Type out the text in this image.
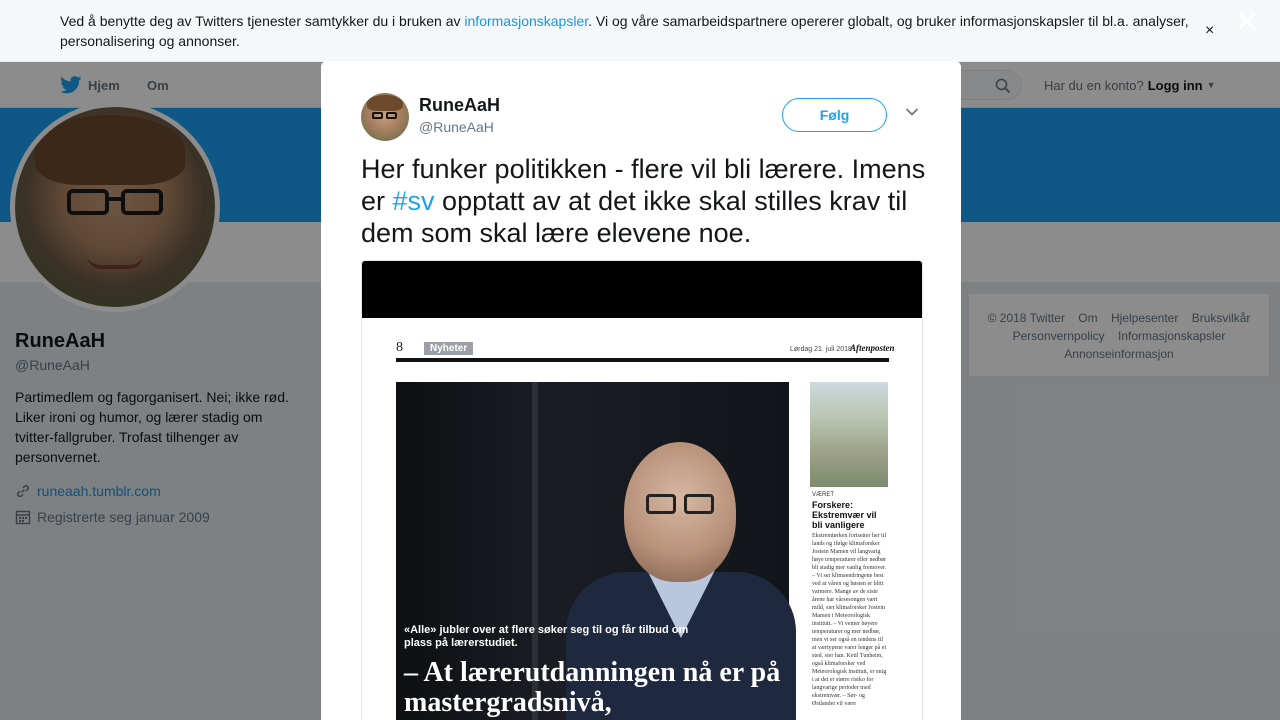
Hjem Om	Har du en konto? Logg inn ▼
RuneAaH
@RuneAaH
Partimedlem og fagorganisert. Nei; ikke rød. Liker ironi og humor, og lærer stadig om tvitter-fallgruber. Trofast tilhenger av personvernet.
runeaah.tumblr.com
Registrerte seg januar 2009
© 2018 Twitter Om Hjelpesenter Bruksvilkår Personvernpolicy Informasjonskapsler Annonseinformasjon
Ved å benytte deg av Twitters tjenester samtykker du i bruken av informasjonskapsler. Vi og våre samarbeidspartnere opererer globalt, og bruker informasjonskapsler til bl.a. analyser, personalisering og annonser.
× ✕
RuneAaH
@RuneAaH
Følg
Her funker politikken - flere vil bli lærere. Imens er #sv opptatt av at det ikke skal stilles krav til dem som skal lære elevene noe.
8	Nyheter	Lørdag 21. juli 2018
Aftenposten
«Alle» jubler over at flere søker seg til og får tilbud om plass på lærerstudiet.
– At lærerutdanningen nå er på mastergradsnivå,
VÆRET
Forskere: Ekstremvær vil bli vanligere
Ekstremtørken fortsetter her til lands og ifølge klimaforsker Jostein Mamen vil langvarig høye temperaturer eller nedbør bli stadig mer vanlig fremover. – Vi ser klimaendringene best ved at våren og høsten er blitt varmere. Mange av de siste årene har vårsesongen vært mild, sier klimaforsker Jostein Mamen i Meteorologisk institutt. – Vi venter høyere temperaturer og mer nedbør, men vi ser også en tendens til at værtypene varer lenger på et sted, sier han. Ketil Tunheim, også klimaforsker ved Meteorologisk institutt, er enig i at det er større risiko for langvarige perioder med ekstremvær. – Sør- og Østlandet vil være
